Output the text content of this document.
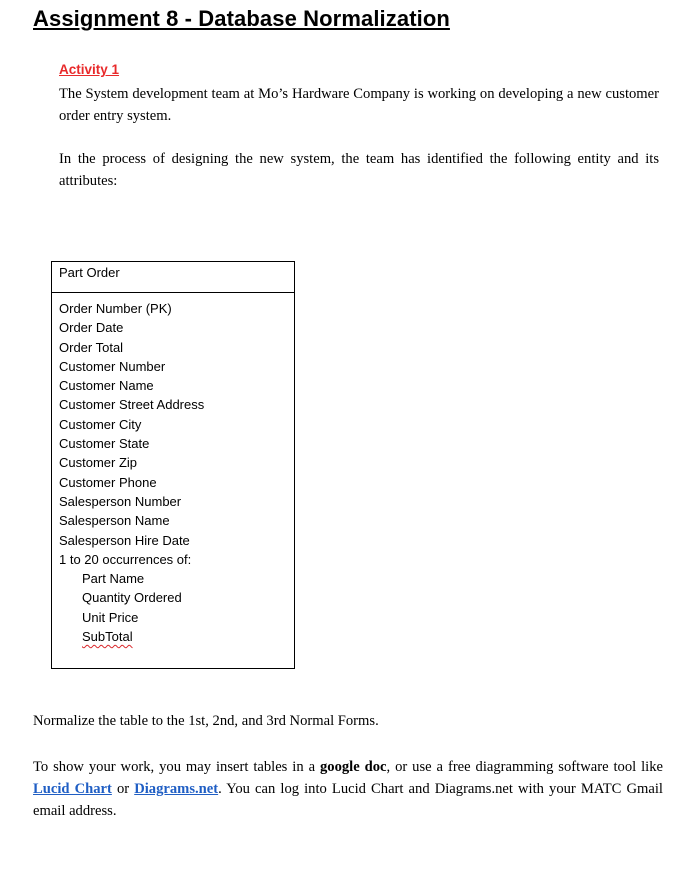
Assignment 8 - Database Normalization
Activity 1

The System development team at Mo’s Hardware Company is working on developing a new customer order entry system.

In the process of designing the new system, the team has identified the following entity and its attributes:

Part Order
Order Number (PK)
Order Date
Order Total
Customer Number
Customer Name
Customer Street Address
Customer City
Customer State
Customer Zip
Customer Phone
Salesperson Number
Salesperson Name
Salesperson Hire Date
1 to 20 occurrences of:
Part Name
Quantity Ordered
Unit Price
SubTotal

Normalize the table to the 1st, 2nd, and 3rd Normal Forms.

To show your work, you may insert tables in a google doc, or use a free diagramming software tool like Lucid Chart or Diagrams.net. You can log into Lucid Chart and Diagrams.net with your MATC Gmail email address.
